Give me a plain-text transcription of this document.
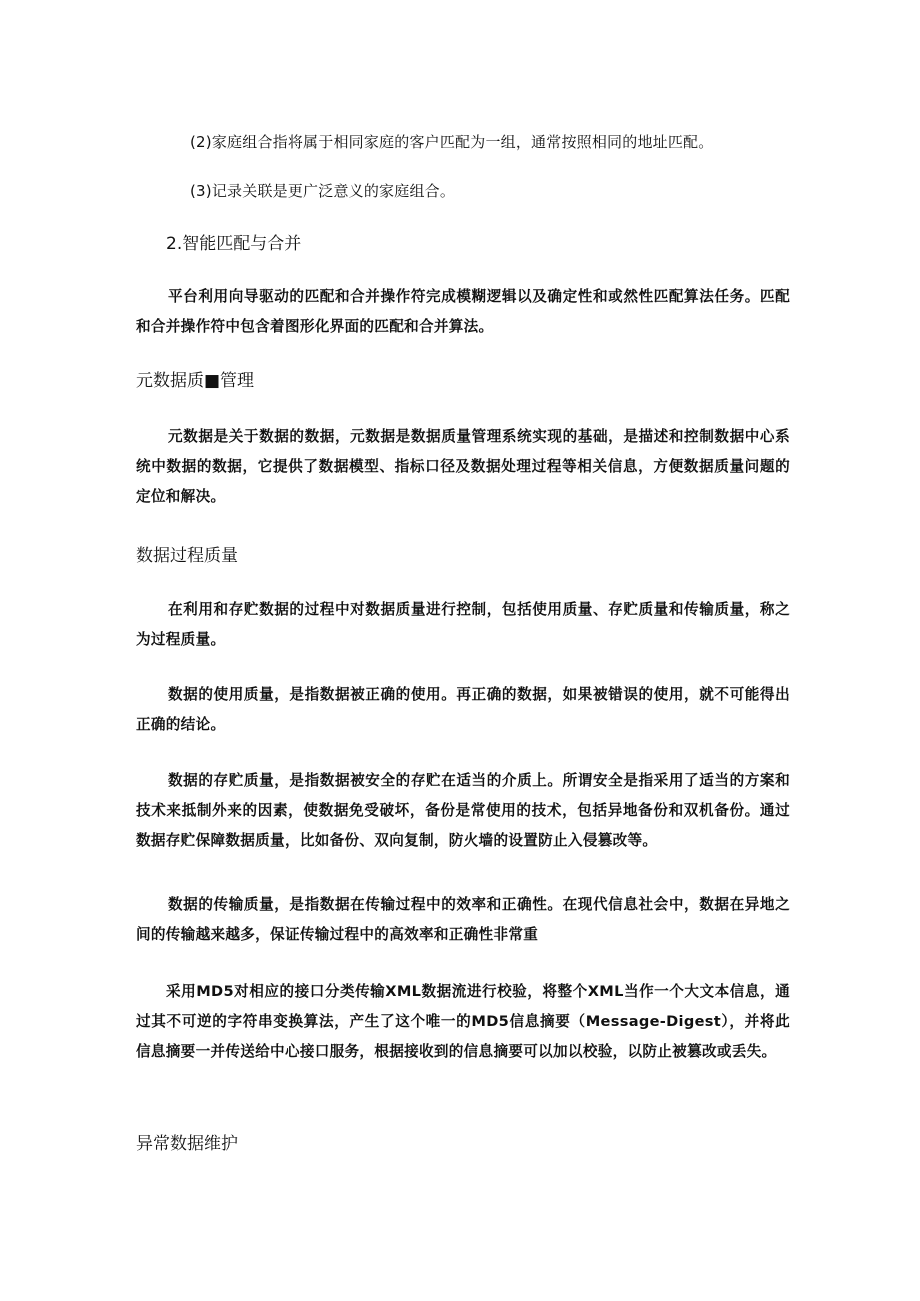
(2)家庭组合指将属于相同家庭的客户匹配为一组，通常按照相同的地址匹配。
(3)记录关联是更广泛意义的家庭组合。
2.智能匹配与合并
平台利用向导驱动的匹配和合并操作符完成模糊逻辑以及确定性和或然性匹配算法任务。匹配和合并操作符中包含着图形化界面的匹配和合并算法。
元数据质■管理
元数据是关于数据的数据，元数据是数据质量管理系统实现的基础，是描述和控制数据中心系统中数据的数据，它提供了数据模型、指标口径及数据处理过程等相关信息，方便数据质量问题的定位和解决。
数据过程质量
在利用和存贮数据的过程中对数据质量进行控制，包括使用质量、存贮质量和传输质量，称之为过程质量。
数据的使用质量，是指数据被正确的使用。再正确的数据，如果被错误的使用，就不可能得出正确的结论。
数据的存贮质量，是指数据被安全的存贮在适当的介质上。所谓安全是指采用了适当的方案和技术来抵制外来的因素，使数据免受破坏，备份是常使用的技术，包括异地备份和双机备份。通过数据存贮保障数据质量，比如备份、双向复制，防火墙的设置防止入侵篡改等。
数据的传输质量，是指数据在传输过程中的效率和正确性。在现代信息社会中，数据在异地之间的传输越来越多，保证传输过程中的高效率和正确性非常重
采用MD5对相应的接口分类传输XML数据流进行校验，将整个XML当作一个大文本信息，通过其不可逆的字符串变换算法，产生了这个唯一的MD5信息摘要（Message-Digest），并将此信息摘要一并传送给中心接口服务，根据接收到的信息摘要可以加以校验，以防止被篡改或丢失。
异常数据维护
